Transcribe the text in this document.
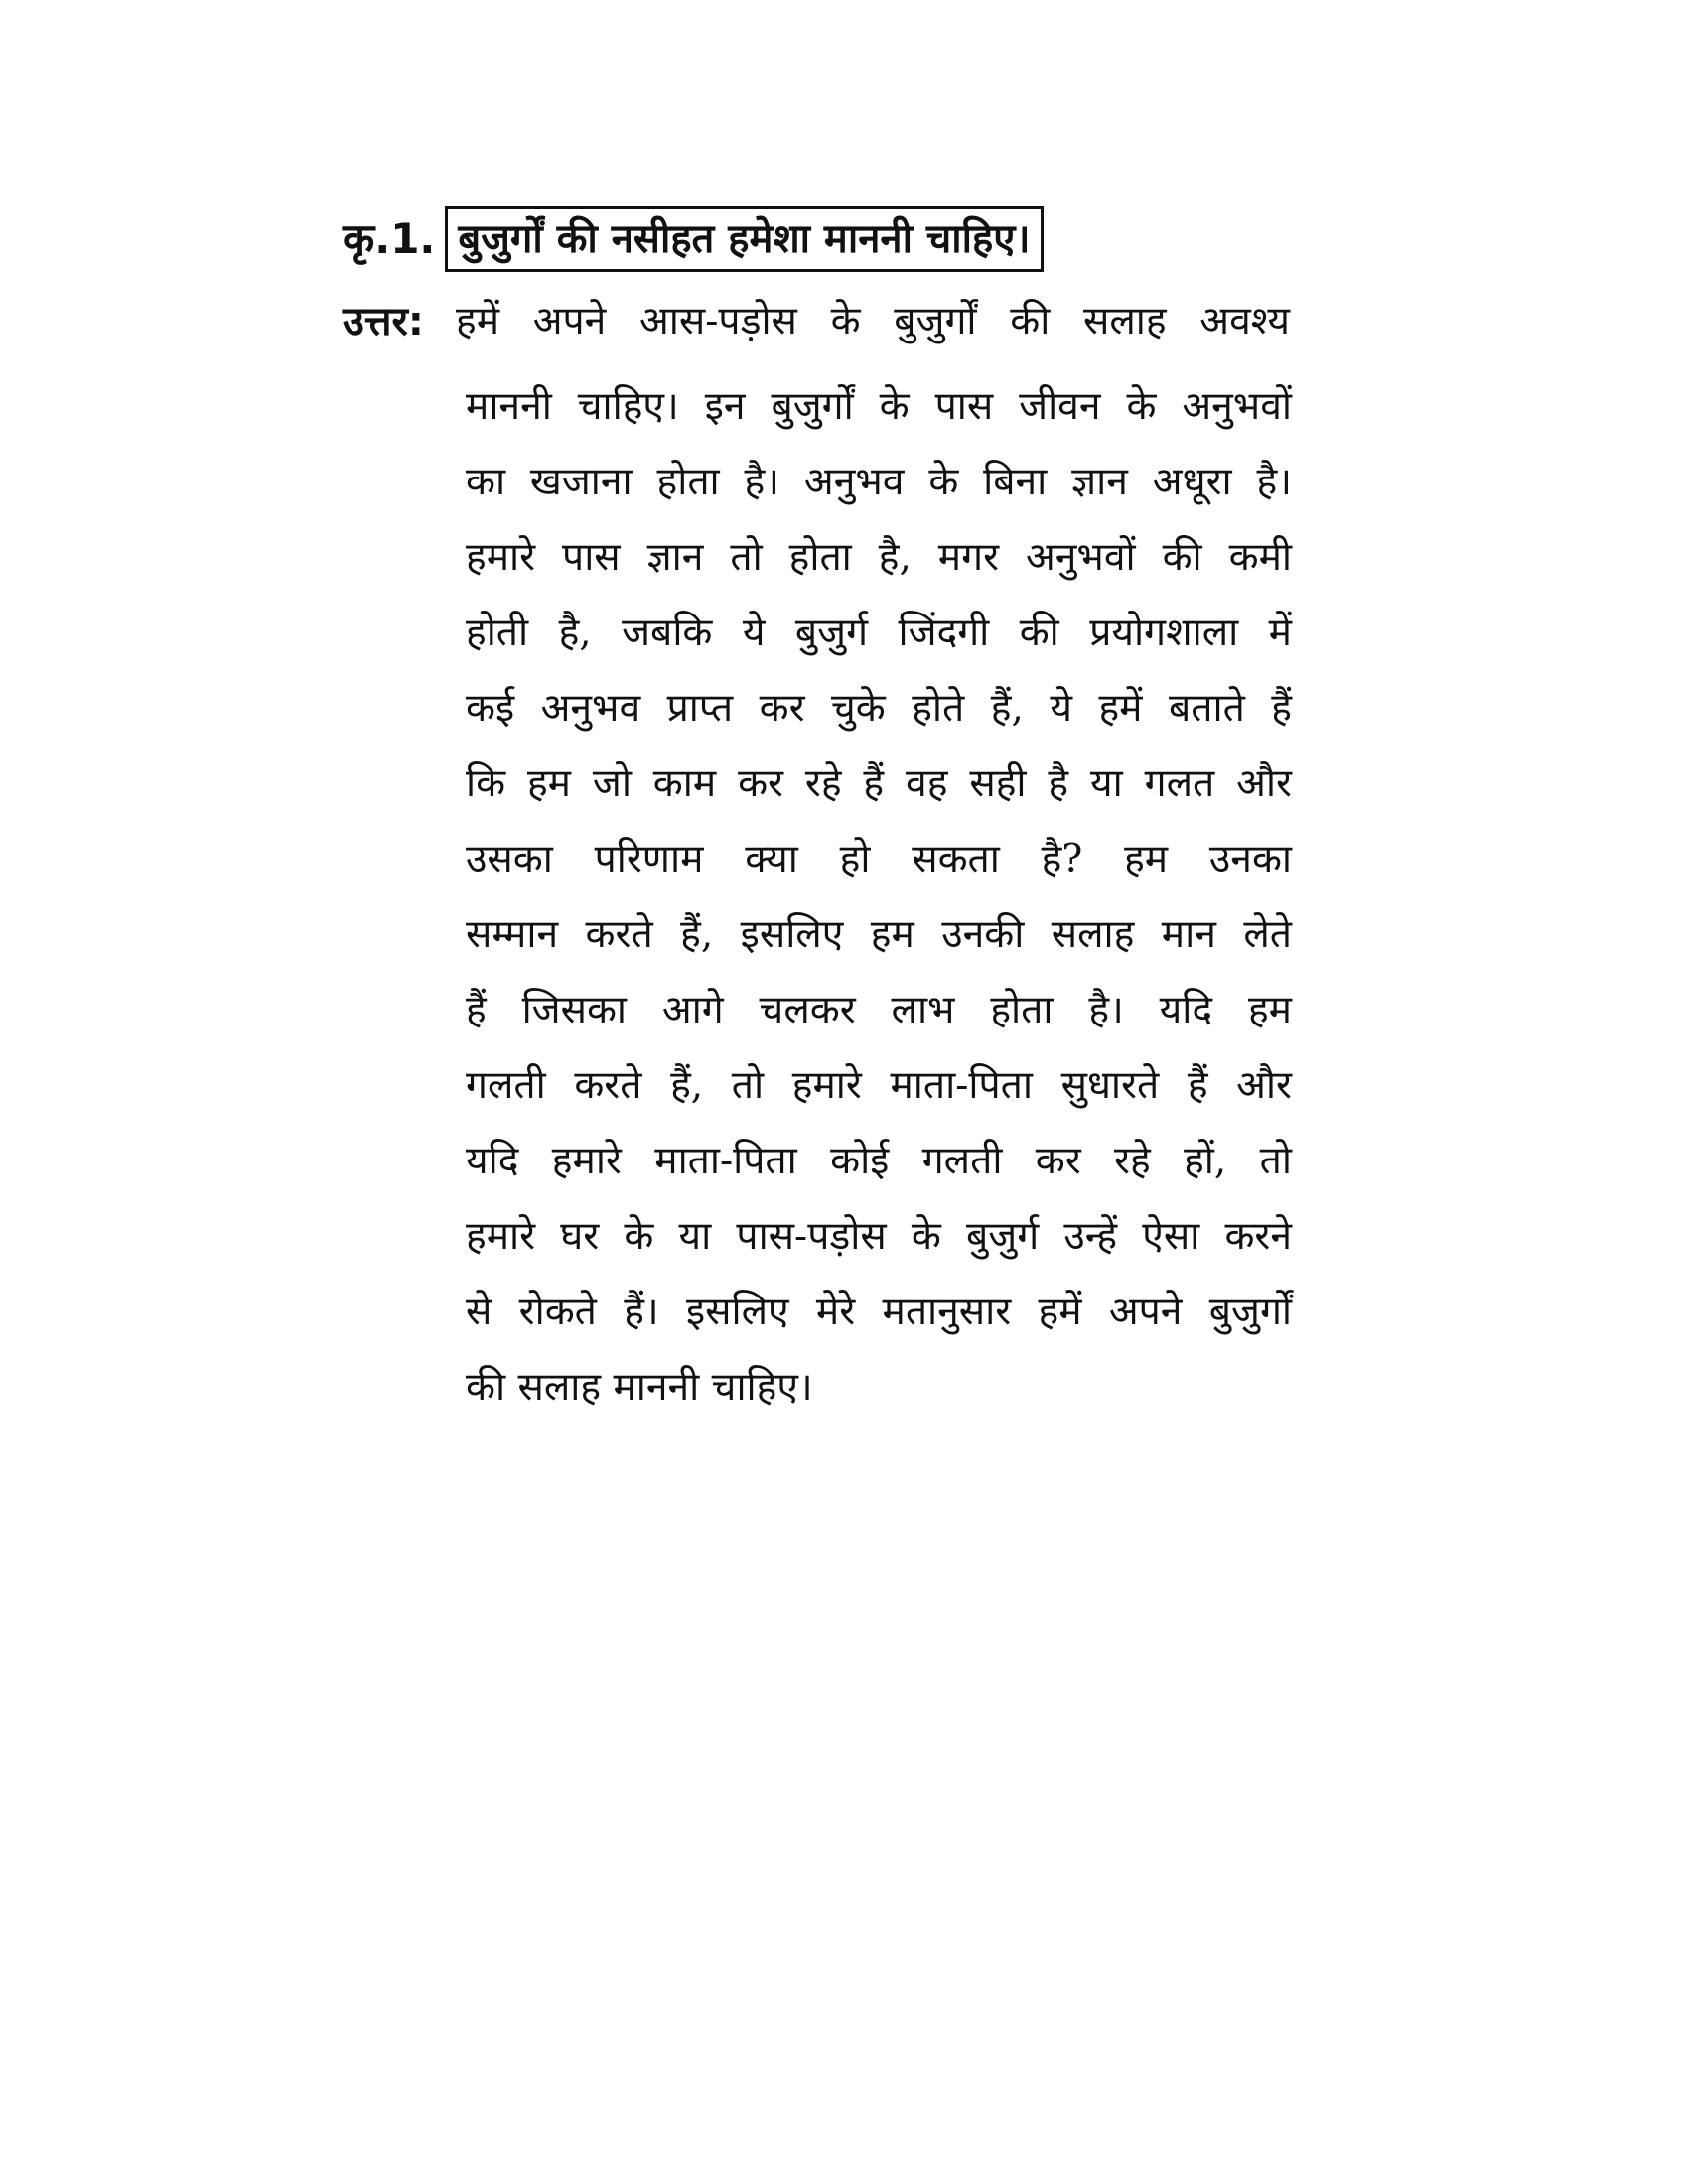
कृ.1. बुजुर्गों की नसीहत हमेशा माननी चाहिए।
उत्तर: हमें अपने आस-पड़ोस के बुजुर्गों की सलाह अवश्य
माननी चाहिए। इन बुजुर्गों के पास जीवन के अनुभवों
का खजाना होता है। अनुभव के बिना ज्ञान अधूरा है।
हमारे पास ज्ञान तो होता है, मगर अनुभवों की कमी
होती है, जबकि ये बुजुर्ग जिंदगी की प्रयोगशाला में
कई अनुभव प्राप्त कर चुके होते हैं, ये हमें बताते हैं
कि हम जो काम कर रहे हैं वह सही है या गलत और
उसका परिणाम क्या हो सकता है? हम उनका
सम्मान करते हैं, इसलिए हम उनकी सलाह मान लेते
हैं जिसका आगे चलकर लाभ होता है। यदि हम
गलती करते हैं, तो हमारे माता-पिता सुधारते हैं और
यदि हमारे माता-पिता कोई गलती कर रहे हों, तो
हमारे घर के या पास-पड़ोस के बुजुर्ग उन्हें ऐसा करने
से रोकते हैं। इसलिए मेरे मतानुसार हमें अपने बुजुर्गों
की सलाह माननी चाहिए।
